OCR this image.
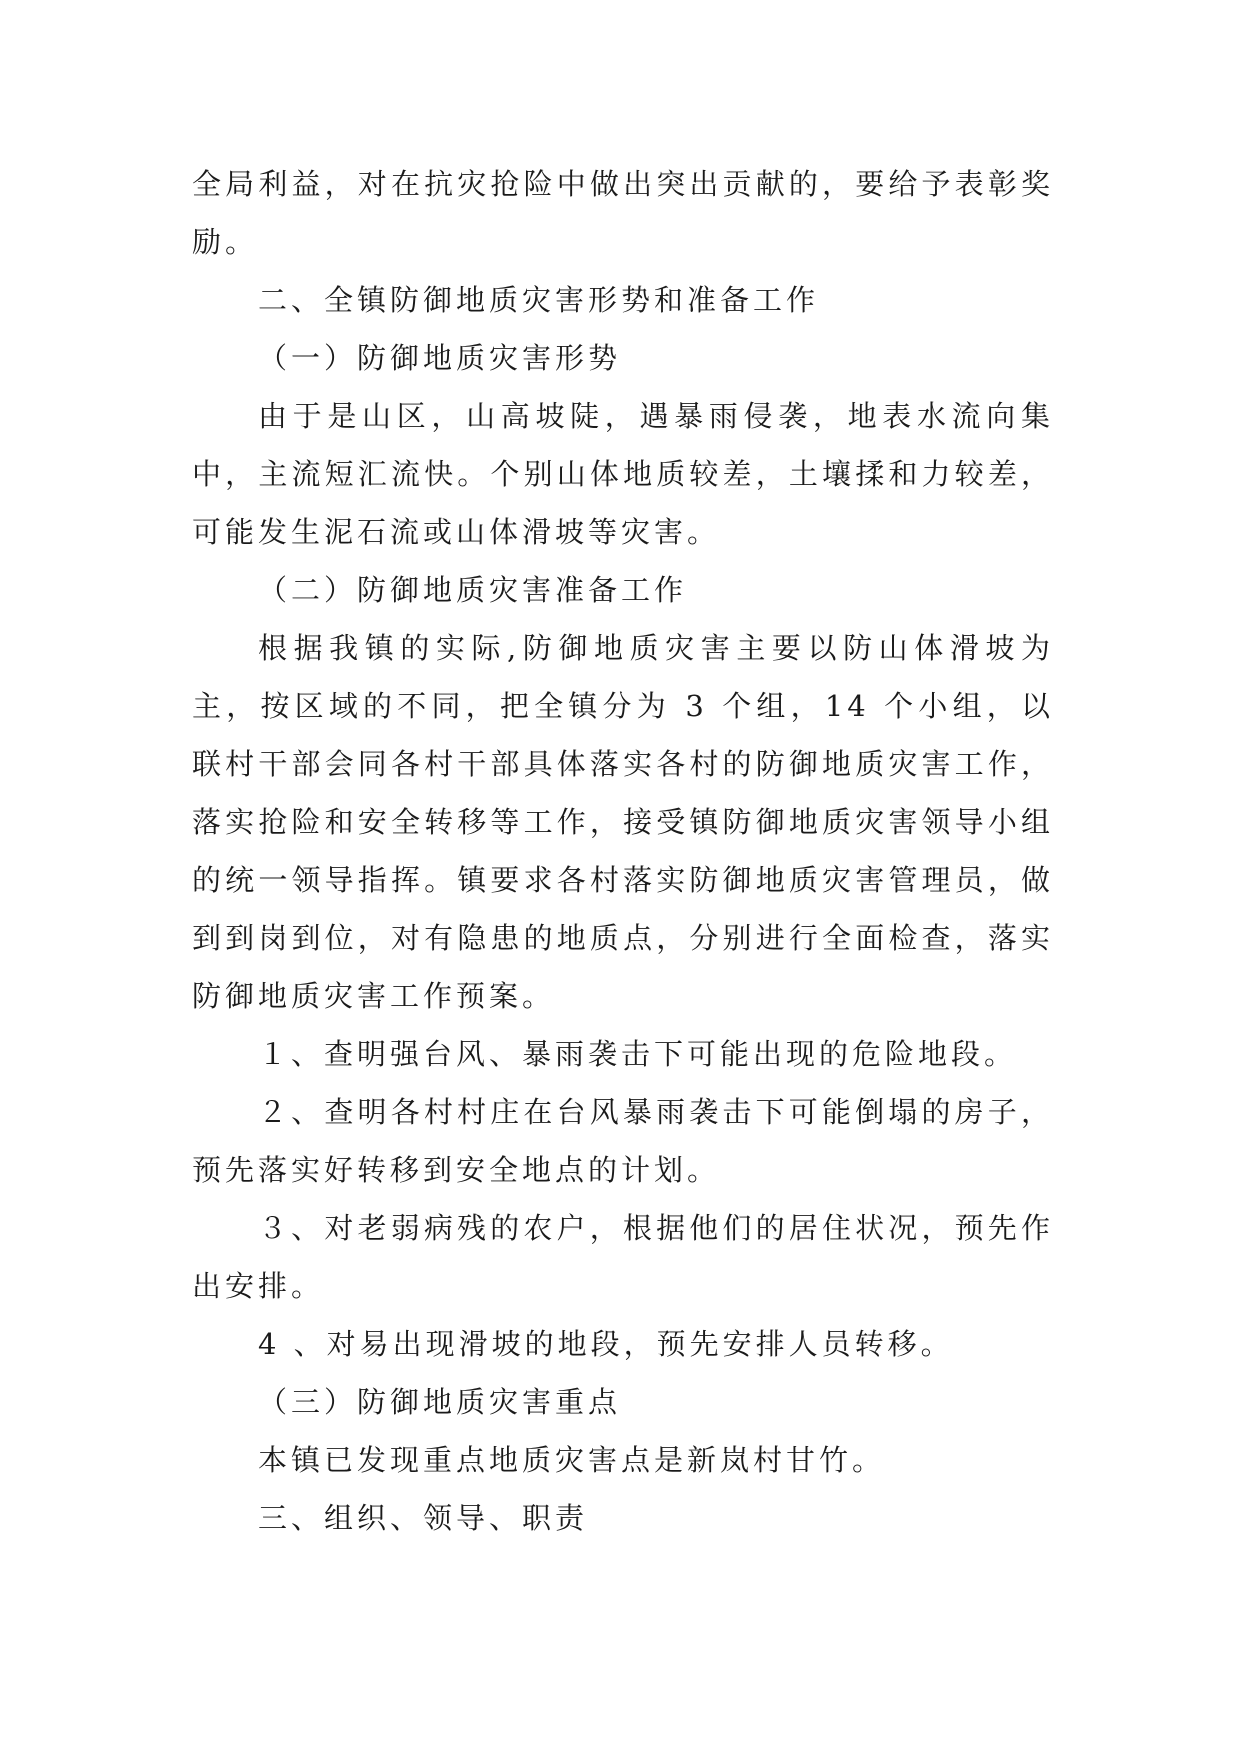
全局利益，对在抗灾抢险中做出突出贡献的，要给予表彰奖励。

二、全镇防御地质灾害形势和准备工作

（一）防御地质灾害形势

由于是山区，山高坡陡，遇暴雨侵袭，地表水流向集中，主流短汇流快。个别山体地质较差，土壤揉和力较差，可能发生泥石流或山体滑坡等灾害。

（二）防御地质灾害准备工作

根据我镇的实际,防御地质灾害主要以防山体滑坡为主，按区域的不同，把全镇分为 3 个组，14 个小组，以联村干部会同各村干部具体落实各村的防御地质灾害工作，落实抢险和安全转移等工作，接受镇防御地质灾害领导小组的统一领导指挥。镇要求各村落实防御地质灾害管理员，做到到岗到位，对有隐患的地质点，分别进行全面检查，落实防御地质灾害工作预案。

１、查明强台风、暴雨袭击下可能出现的危险地段。

２、查明各村村庄在台风暴雨袭击下可能倒塌的房子，预先落实好转移到安全地点的计划。

３、对老弱病残的农户，根据他们的居住状况，预先作出安排。

4 、对易出现滑坡的地段，预先安排人员转移。

（三）防御地质灾害重点

本镇已发现重点地质灾害点是新岚村甘竹。

三、组织、领导、职责
